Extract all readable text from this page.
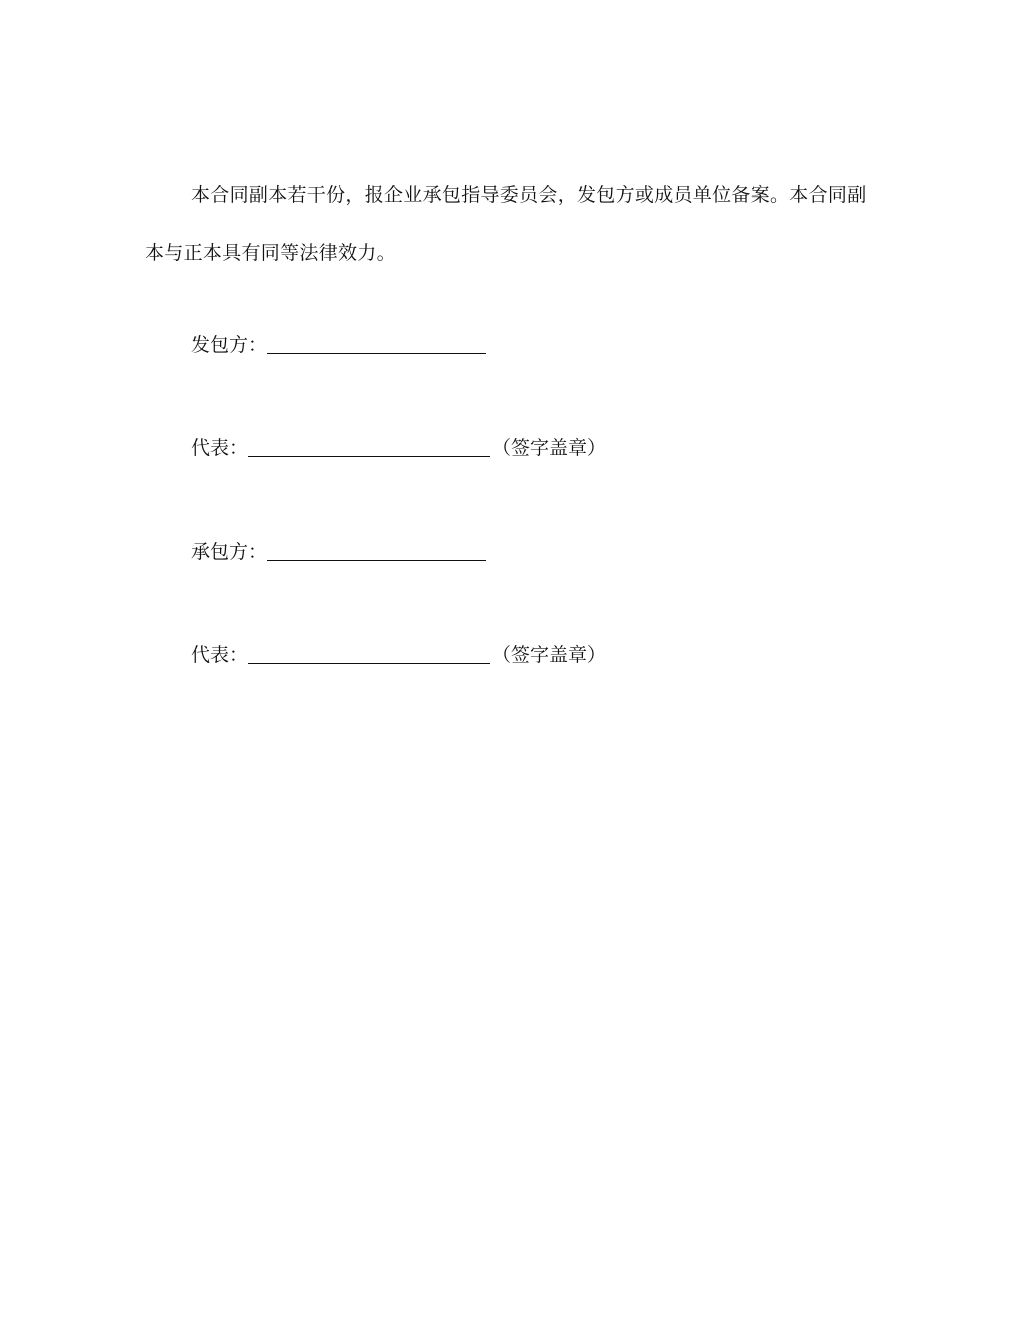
本合同副本若干份，报企业承包指导委员会，发包方或成员单位备案。本合同副本与正本具有同等法律效力。

发包方：
代表：	（签字盖章）
承包方：
代表：	（签字盖章）
